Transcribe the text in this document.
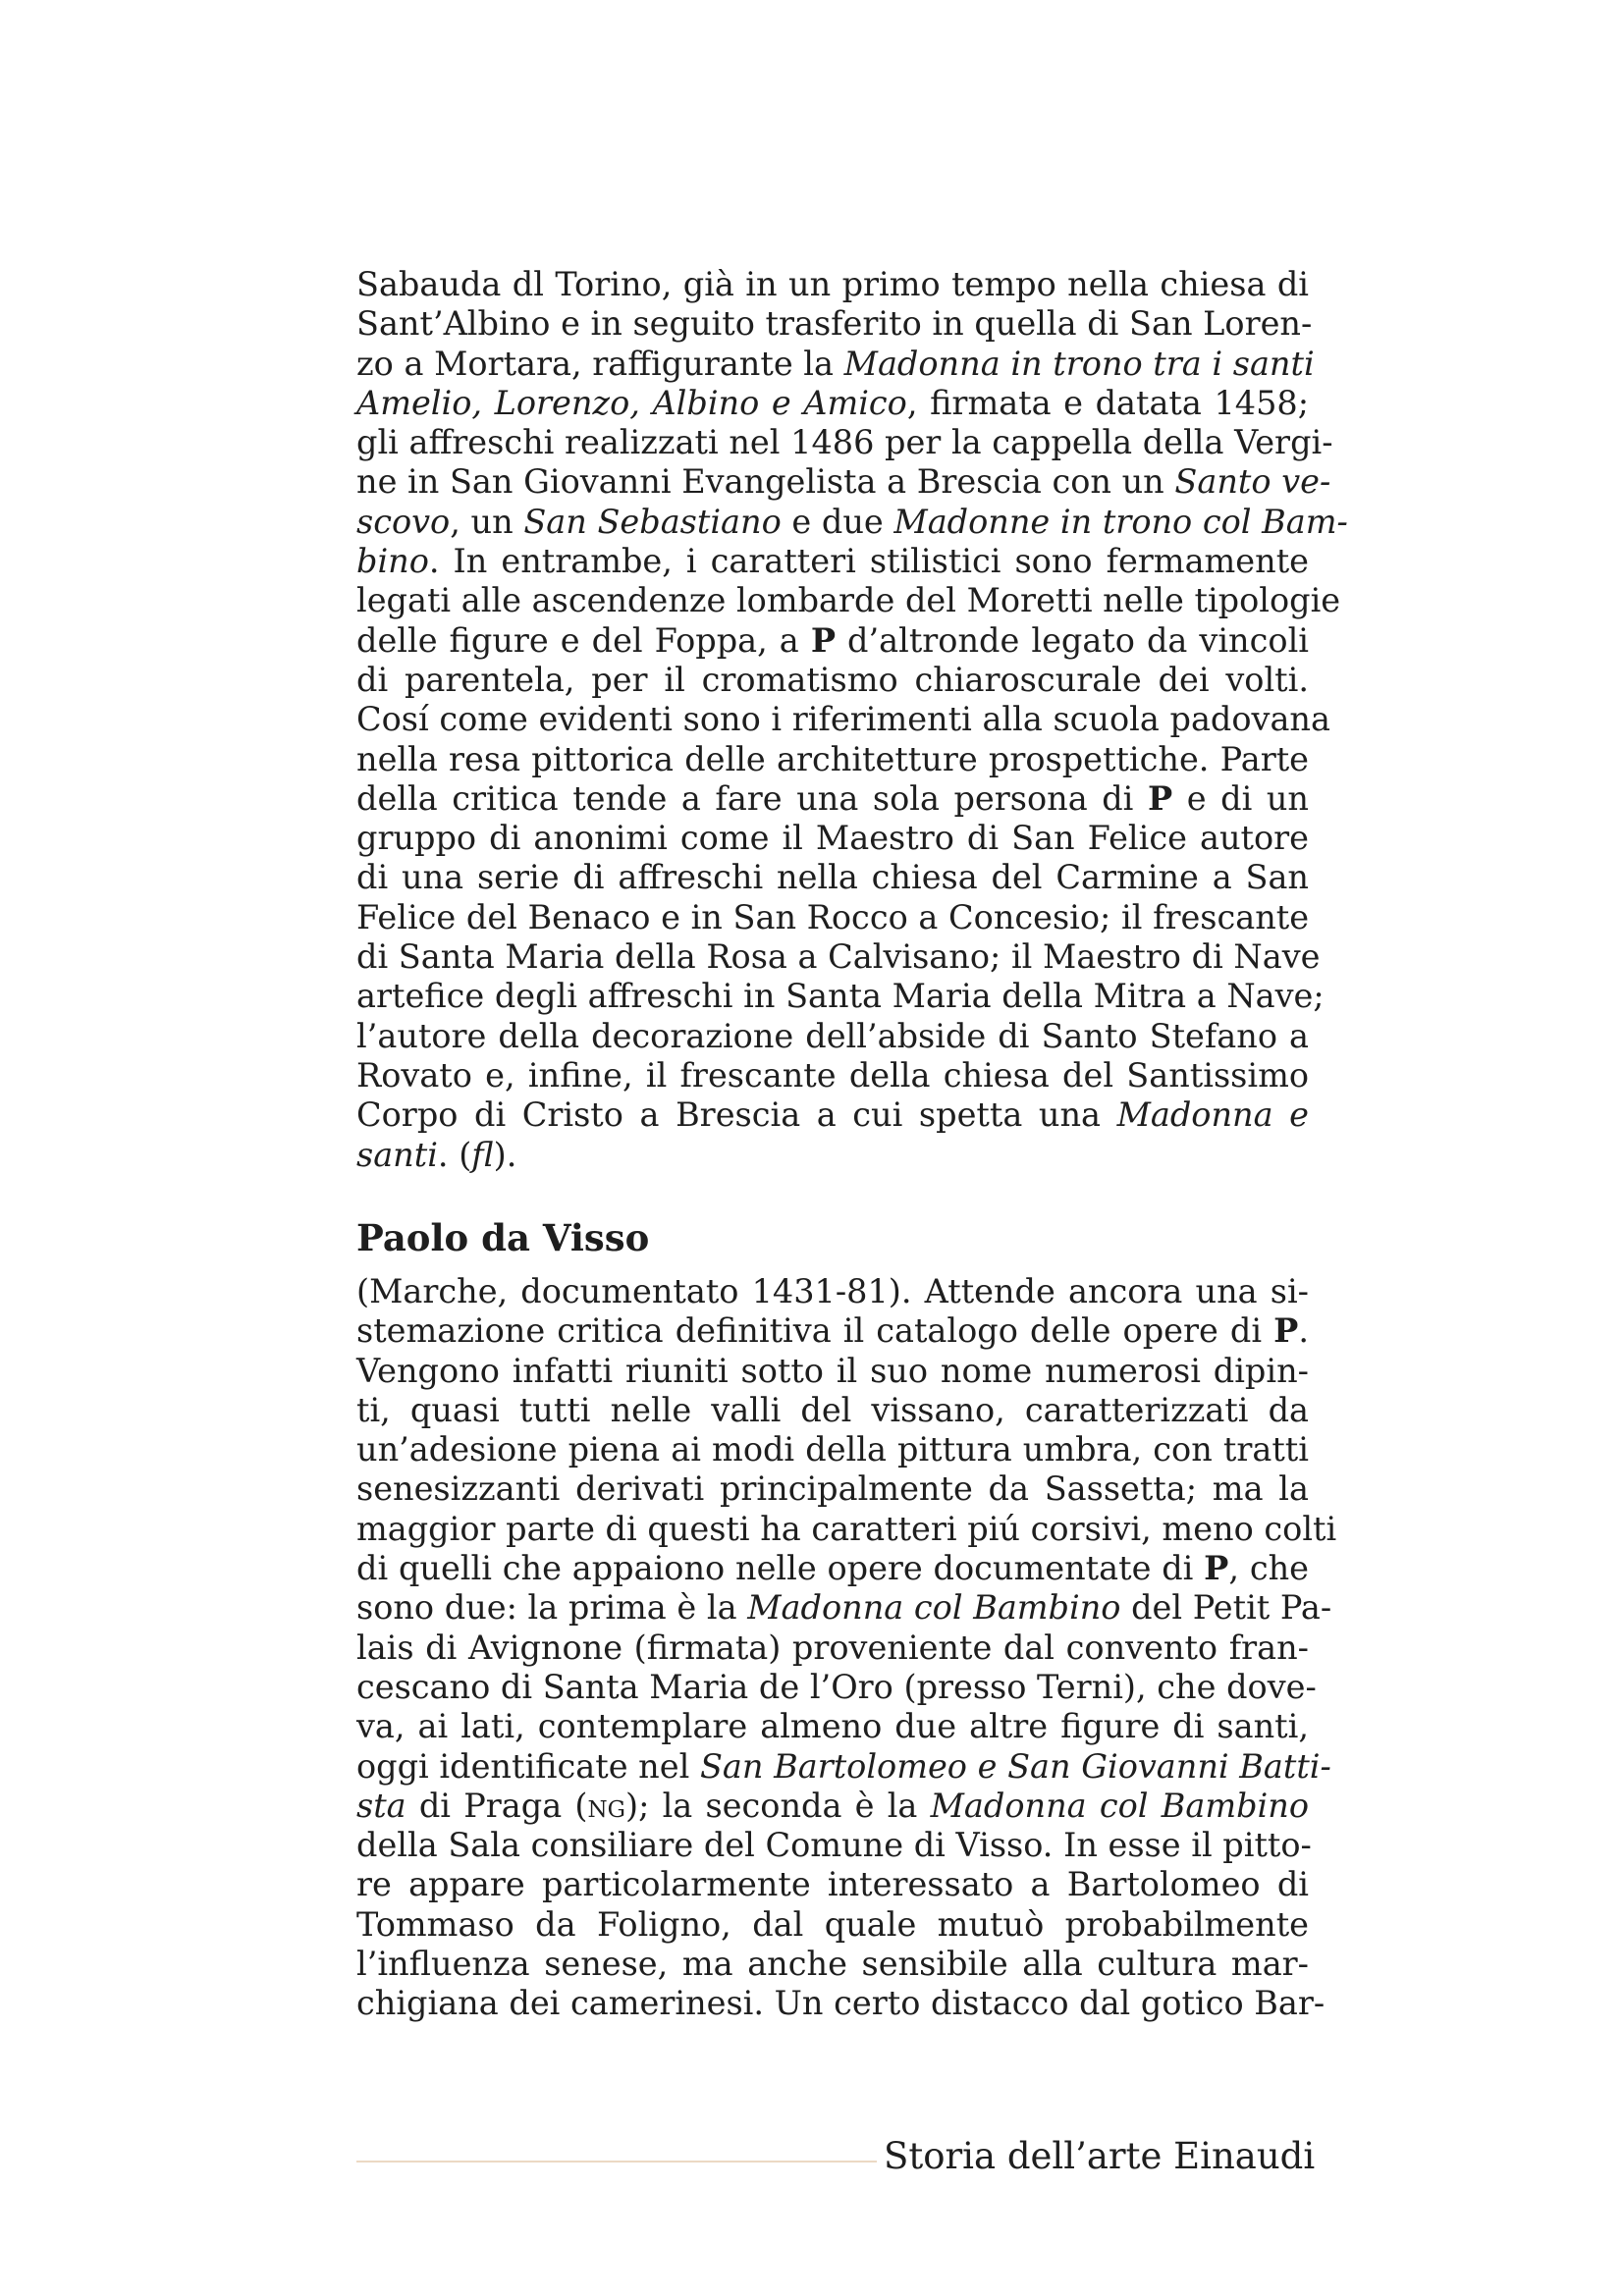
Sabauda dl Torino, già in un primo tempo nella chiesa di
Sant’Albino e in seguito trasferito in quella di San Loren-
zo a Mortara, raffigurante la Madonna in trono tra i santi
Amelio, Lorenzo, Albino e Amico, firmata e datata 1458;
gli affreschi realizzati nel 1486 per la cappella della Vergi-
ne in San Giovanni Evangelista a Brescia con un Santo ve-
scovo, un San Sebastiano e due Madonne in trono col Bam-
bino. In entrambe, i caratteri stilistici sono fermamente
legati alle ascendenze lombarde del Moretti nelle tipologie
delle figure e del Foppa, a P d’altronde legato da vincoli
di parentela, per il cromatismo chiaroscurale dei volti.
Cosí come evidenti sono i riferimenti alla scuola padovana
nella resa pittorica delle architetture prospettiche. Parte
della critica tende a fare una sola persona di P e di un
gruppo di anonimi come il Maestro di San Felice autore
di una serie di affreschi nella chiesa del Carmine a San
Felice del Benaco e in San Rocco a Concesio; il frescante
di Santa Maria della Rosa a Calvisano; il Maestro di Nave
artefice degli affreschi in Santa Maria della Mitra a Nave;
l’autore della decorazione dell’abside di Santo Stefano a
Rovato e, infine, il frescante della chiesa del Santissimo
Corpo di Cristo a Brescia a cui spetta una Madonna e
santi. (fl).
Paolo da Visso
(Marche, documentato 1431-81). Attende ancora una si-
stemazione critica definitiva il catalogo delle opere di P.
Vengono infatti riuniti sotto il suo nome numerosi dipin-
ti, quasi tutti nelle valli del vissano, caratterizzati da
un’adesione piena ai modi della pittura umbra, con tratti
senesizzanti derivati principalmente da Sassetta; ma la
maggior parte di questi ha caratteri piú corsivi, meno colti
di quelli che appaiono nelle opere documentate di P, che
sono due: la prima è la Madonna col Bambino del Petit Pa-
lais di Avignone (firmata) proveniente dal convento fran-
cescano di Santa Maria de l’Oro (presso Terni), che dove-
va, ai lati, contemplare almeno due altre figure di santi,
oggi identificate nel San Bartolomeo e San Giovanni Batti-
sta di Praga (ng); la seconda è la Madonna col Bambino
della Sala consiliare del Comune di Visso. In esse il pitto-
re appare particolarmente interessato a Bartolomeo di
Tommaso da Foligno, dal quale mutuò probabilmente
l’influenza senese, ma anche sensibile alla cultura mar-
chigiana dei camerinesi. Un certo distacco dal gotico Bar-
Storia dell’arte Einaudi
